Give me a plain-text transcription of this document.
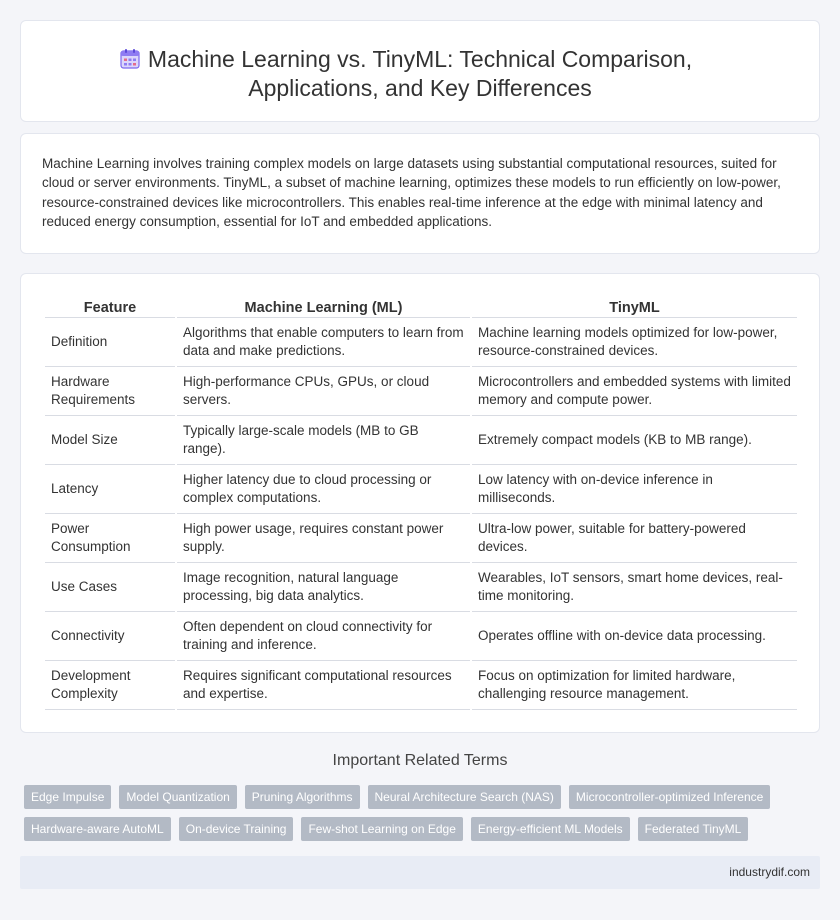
Machine Learning vs. TinyML: Technical Comparison,
Applications, and Key Differences

Machine Learning involves training complex models on large datasets using substantial computational resources, suited for cloud or server environments. TinyML, a subset of machine learning, optimizes these models to run efficiently on low-power, resource-constrained devices like microcontrollers. This enables real-time inference at the edge with minimal latency and reduced energy consumption, essential for IoT and embedded applications.

Feature	Machine Learning (ML)	TinyML
Definition	Algorithms that enable computers to learn from data and make predictions.	Machine learning models optimized for low-power, resource-constrained devices.
Hardware Requirements	High-performance CPUs, GPUs, or cloud servers.	Microcontrollers and embedded systems with limited memory and compute power.
Model Size	Typically large-scale models (MB to GB range).	Extremely compact models (KB to MB range).
Latency	Higher latency due to cloud processing or complex computations.	Low latency with on-device inference in milliseconds.
Power Consumption	High power usage, requires constant power supply.	Ultra-low power, suitable for battery-powered devices.
Use Cases	Image recognition, natural language processing, big data analytics.	Wearables, IoT sensors, smart home devices, real-time monitoring.
Connectivity	Often dependent on cloud connectivity for training and inference.	Operates offline with on-device data processing.
Development Complexity	Requires significant computational resources and expertise.	Focus on optimization for limited hardware, challenging resource management.
Important Related Terms
Edge Impulse	Model Quantization	Pruning Algorithms	Neural Architecture Search (NAS)	Microcontroller-optimized Inference
Hardware-aware AutoML	On-device Training	Few-shot Learning on Edge	Energy-efficient ML Models	Federated TinyML
industrydif.com
